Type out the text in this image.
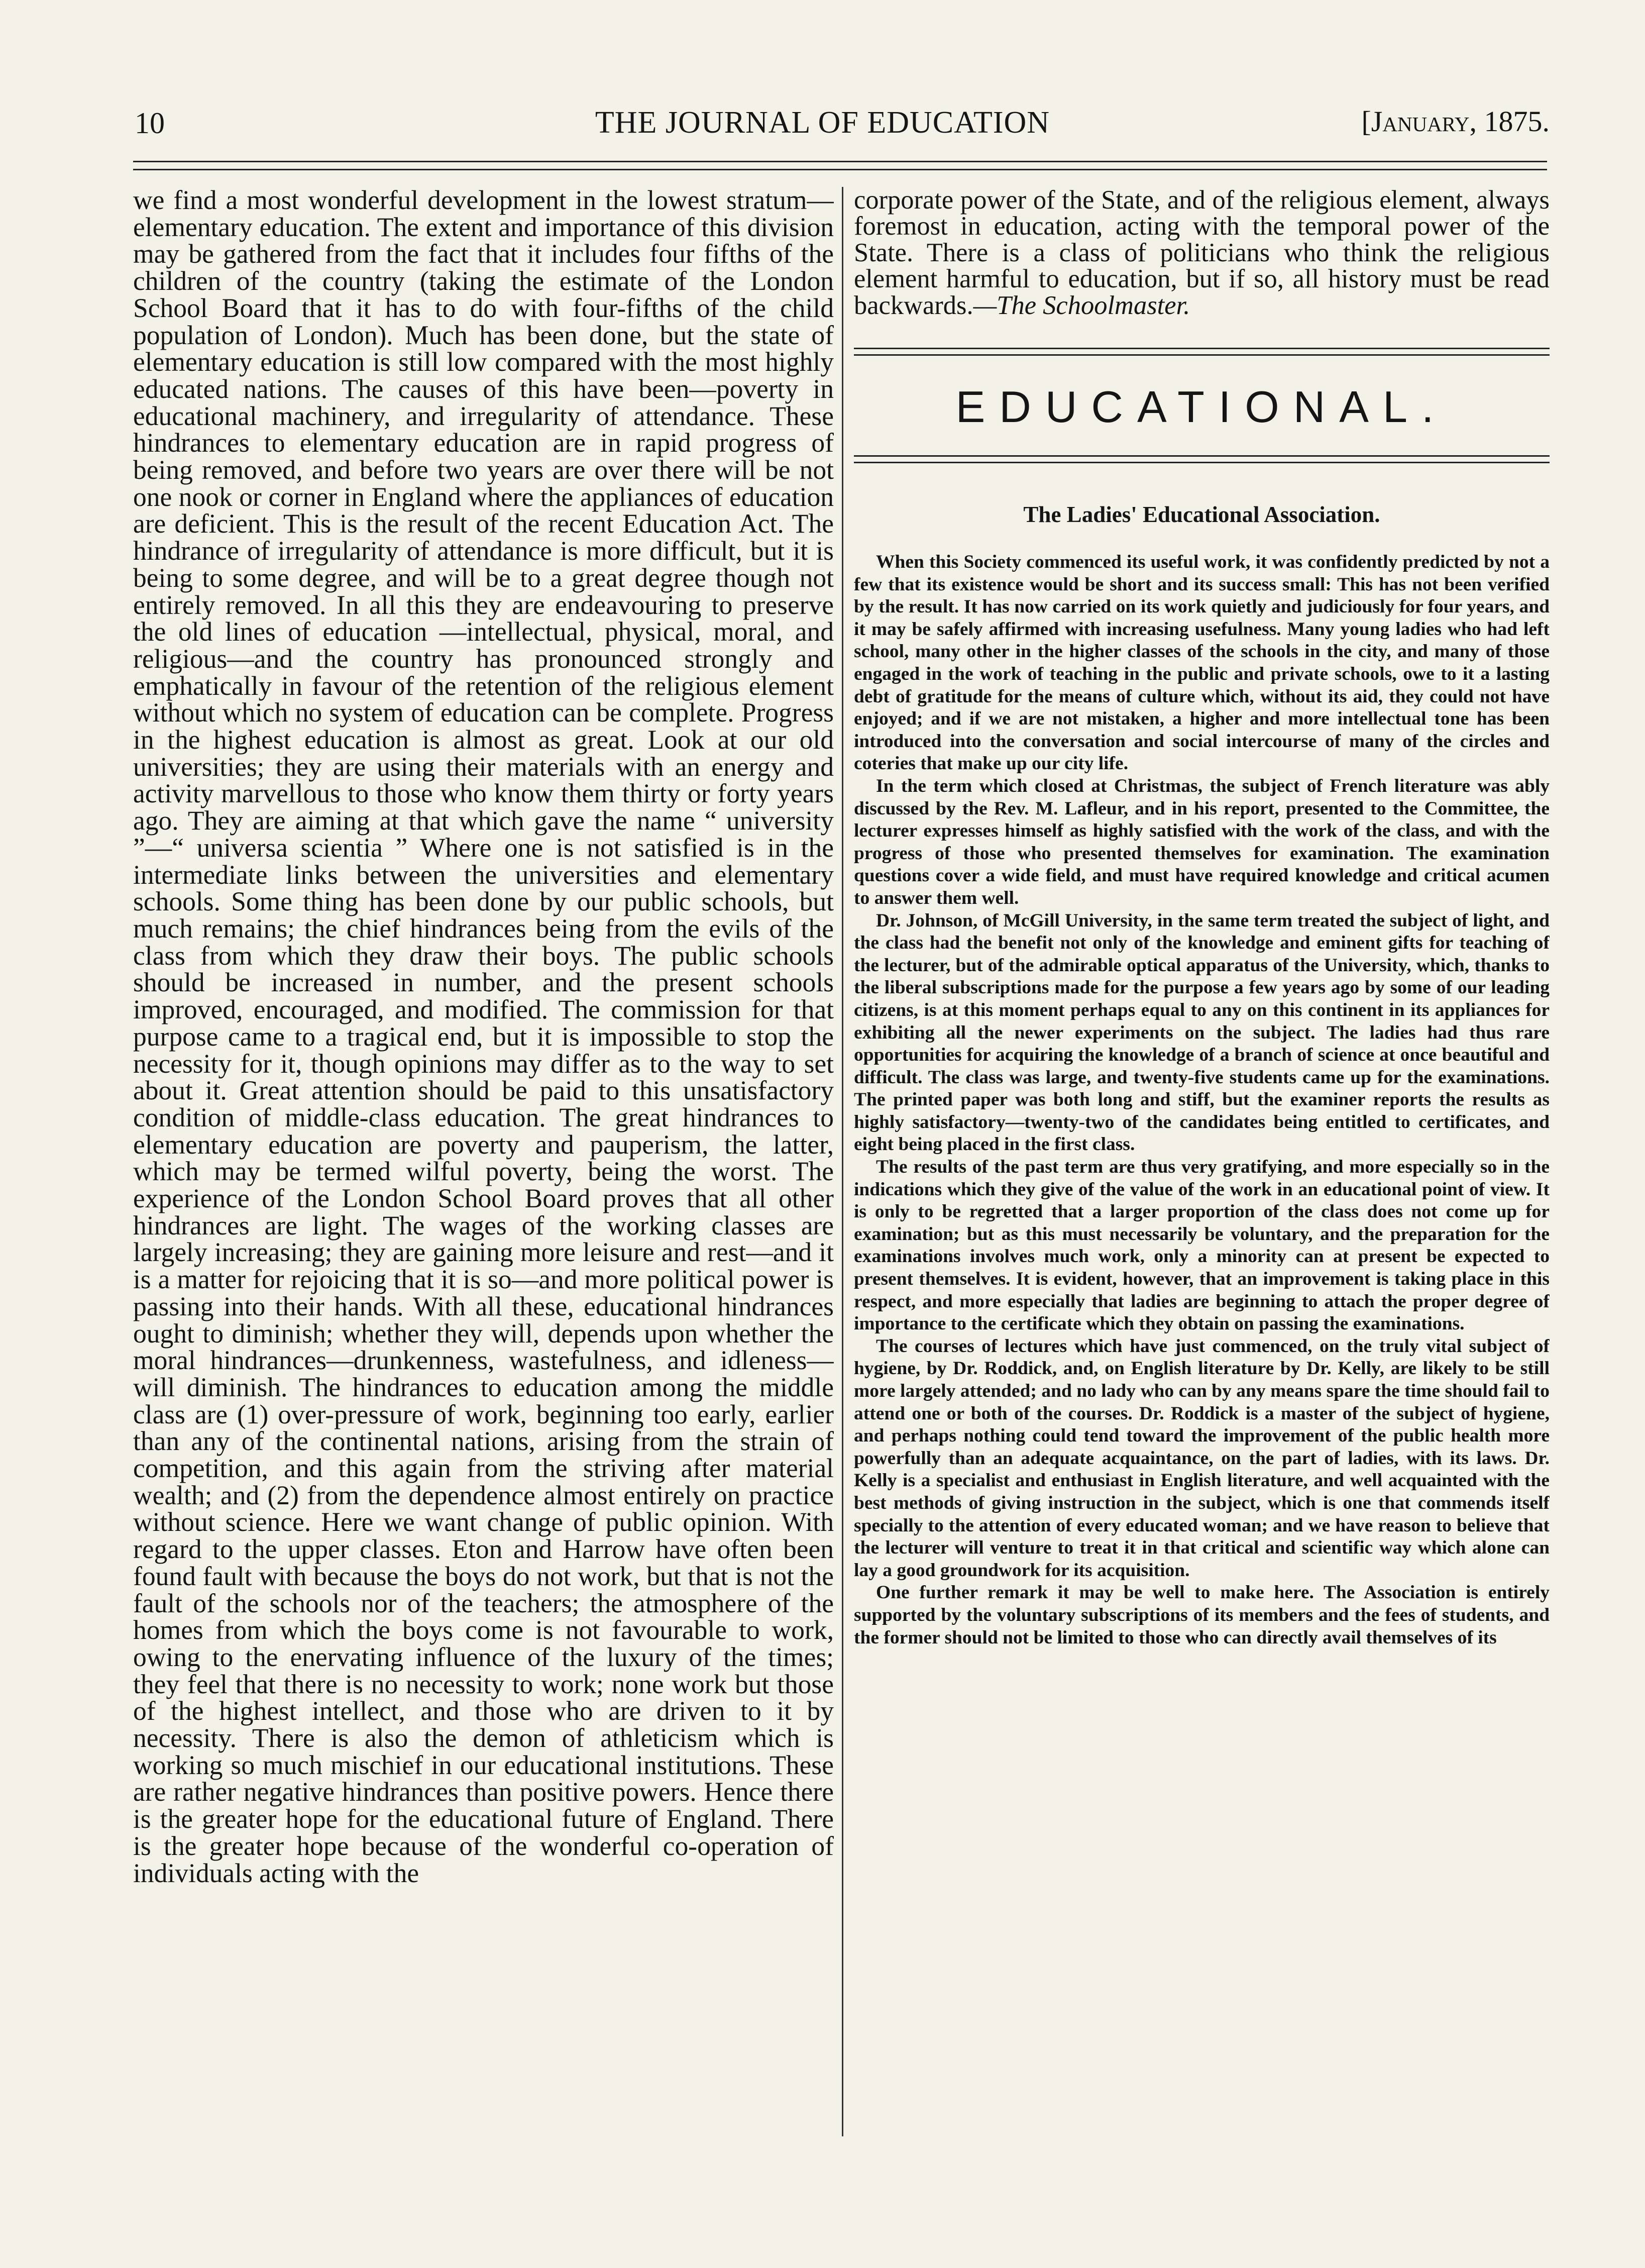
10	THE JOURNAL OF EDUCATION	[January, 1875.

we find a most wonderful development in the lowest stratum—elementary education. The extent and importance of this division may be gathered from the fact that it includes four fifths of the children of the country (taking the estimate of the London School Board that it has to do with four-fifths of the child population of London). Much has been done, but the state of elementary education is still low compared with the most highly educated nations. The causes of this have been—poverty in educational machinery, and irregularity of attendance. These hindrances to elementary education are in rapid progress of being removed, and before two years are over there will be not one nook or corner in England where the appliances of education are deficient. This is the result of the recent Education Act. The hindrance of irregularity of attendance is more difficult, but it is being to some degree, and will be to a great degree though not entirely removed. In all this they are endeavouring to preserve the old lines of education —intellectual, physical, moral, and religious—and the country has pronounced strongly and emphatically in favour of the retention of the religious element without which no system of education can be complete. Progress in the highest education is almost as great. Look at our old universities; they are using their materials with an energy and activity marvellous to those who know them thirty or forty years ago. They are aiming at that which gave the name “ university ”—“ universa scientia ” Where one is not satisfied is in the intermediate links between the universities and elementary schools. Some thing has been done by our public schools, but much remains; the chief hindrances being from the evils of the class from which they draw their boys. The public schools should be increased in number, and the present schools improved, encouraged, and modified. The commission for that purpose came to a tragical end, but it is impossible to stop the necessity for it, though opinions may differ as to the way to set about it. Great attention should be paid to this unsatisfactory condition of middle-class education. The great hindrances to elementary education are poverty and pauperism, the latter, which may be termed wilful poverty, being the worst. The experience of the London School Board proves that all other hindrances are light. The wages of the working classes are largely increasing; they are gaining more leisure and rest—and it is a matter for rejoicing that it is so—and more political power is passing into their hands. With all these, educational hindrances ought to diminish; whether they will, depends upon whether the moral hindrances—drunkenness, wastefulness, and idleness—will diminish. The hindrances to education among the middle class are (1) over-pressure of work, beginning too early, earlier than any of the continental nations, arising from the strain of competition, and this again from the striving after material wealth; and (2) from the dependence almost entirely on practice without science. Here we want change of public opinion. With regard to the upper classes. Eton and Harrow have often been found fault with because the boys do not work, but that is not the fault of the schools nor of the teachers; the atmosphere of the homes from which the boys come is not favourable to work, owing to the enervating influence of the luxury of the times; they feel that there is no necessity to work; none work but those of the highest intellect, and those who are driven to it by necessity. There is also the demon of athleticism which is working so much mischief in our educational institutions. These are rather negative hindrances than positive powers. Hence there is the greater hope for the educational future of England. There is the greater hope because of the wonderful co-operation of individuals acting with the

corporate power of the State, and of the religious element, always foremost in education, acting with the temporal power of the State. There is a class of politicians who think the religious element harmful to education, but if so, all history must be read backwards.—The Schoolmaster.

EDUCATIONAL.
The Ladies' Educational Association.

When this Society commenced its useful work, it was confidently predicted by not a few that its existence would be short and its success small: This has not been verified by the result. It has now carried on its work quietly and judiciously for four years, and it may be safely affirmed with increasing usefulness. Many young ladies who had left school, many other in the higher classes of the schools in the city, and many of those engaged in the work of teaching in the public and private schools, owe to it a lasting debt of gratitude for the means of culture which, without its aid, they could not have enjoyed; and if we are not mistaken, a higher and more intellectual tone has been introduced into the conversation and social intercourse of many of the circles and coteries that make up our city life.

In the term which closed at Christmas, the subject of French literature was ably discussed by the Rev. M. Lafleur, and in his report, presented to the Committee, the lecturer expresses himself as highly satisfied with the work of the class, and with the progress of those who presented themselves for examination. The examination questions cover a wide field, and must have required knowledge and critical acumen to answer them well.

Dr. Johnson, of McGill University, in the same term treated the subject of light, and the class had the benefit not only of the knowledge and eminent gifts for teaching of the lecturer, but of the admirable optical apparatus of the University, which, thanks to the liberal subscriptions made for the purpose a few years ago by some of our leading citizens, is at this moment perhaps equal to any on this continent in its appliances for exhibiting all the newer experiments on the subject. The ladies had thus rare opportunities for acquiring the knowledge of a branch of science at once beautiful and difficult. The class was large, and twenty-five students came up for the examinations. The printed paper was both long and stiff, but the examiner reports the results as highly satisfactory—twenty-two of the candidates being entitled to certificates, and eight being placed in the first class.

The results of the past term are thus very gratifying, and more especially so in the indications which they give of the value of the work in an educational point of view. It is only to be regretted that a larger proportion of the class does not come up for examination; but as this must necessarily be voluntary, and the preparation for the examinations involves much work, only a minority can at present be expected to present themselves. It is evident, however, that an improvement is taking place in this respect, and more especially that ladies are beginning to attach the proper degree of importance to the certificate which they obtain on passing the examinations.

The courses of lectures which have just commenced, on the truly vital subject of hygiene, by Dr. Roddick, and, on English literature by Dr. Kelly, are likely to be still more largely attended; and no lady who can by any means spare the time should fail to attend one or both of the courses. Dr. Roddick is a master of the subject of hygiene, and perhaps nothing could tend toward the improvement of the public health more powerfully than an adequate acquaintance, on the part of ladies, with its laws. Dr. Kelly is a specialist and enthusiast in English literature, and well acquainted with the best methods of giving instruction in the subject, which is one that commends itself specially to the attention of every educated woman; and we have reason to believe that the lecturer will venture to treat it in that critical and scientific way which alone can lay a good groundwork for its acquisition.

One further remark it may be well to make here. The Association is entirely supported by the voluntary subscriptions of its members and the fees of students, and the former should not be limited to those who can directly avail themselves of its
